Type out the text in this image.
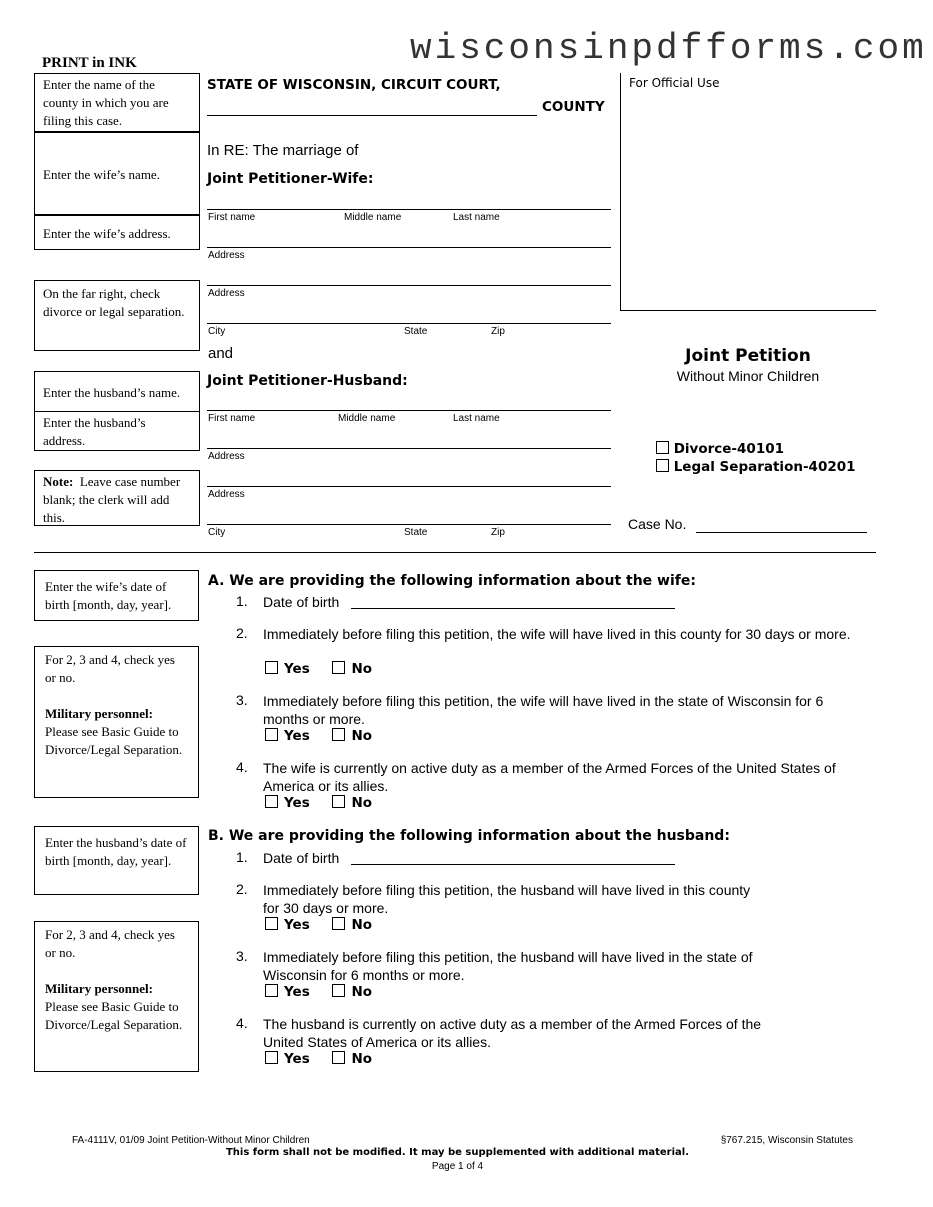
wisconsinpdfforms.com
PRINT in INK
Enter the name of the county in which you are filing this case.
Enter the wife’s name.
Enter the wife’s address.
On the far right, check divorce or legal separation.
Enter the husband’s name.
Enter the husband’s address.
Note: Leave case number blank; the clerk will add this.
Enter the wife’s date of birth [month, day, year].
For 2, 3 and 4, check yes or no.
Military personnel:
Please see Basic Guide to Divorce/Legal Separation.
Enter the husband’s date of birth [month, day, year].
For 2, 3 and 4, check yes or no.
Military personnel:
Please see Basic Guide to Divorce/Legal Separation.
STATE OF WISCONSIN, CIRCUIT COURT,
COUNTY
In RE: The marriage of
Joint Petitioner-Wife:
First name	Middle name	Last name
Address
Address
City	State	Zip
and
Joint Petitioner-Husband:
First name	Middle name	Last name
Address
Address
City	State	Zip
For Official Use
Joint Petition
Without Minor Children
Divorce-40101
Legal Separation-40201
Case No.
A. We are providing the following information about the wife:
1. Date of birth
2. Immediately before filing this petition, the wife will have lived in this county for 30 days or more.
Yes	No
3. Immediately before filing this petition, the wife will have lived in the state of Wisconsin for 6 months or more.
Yes	No
4. The wife is currently on active duty as a member of the Armed Forces of the United States of America or its allies.
Yes	No
B. We are providing the following information about the husband:
1. Date of birth
2. Immediately before filing this petition, the husband will have lived in this county for 30 days or more.
Yes	No
3. Immediately before filing this petition, the husband will have lived in the state of Wisconsin for 6 months or more.
Yes	No
4. The husband is currently on active duty as a member of the Armed Forces of the United States of America or its allies.
Yes	No
FA-4111V, 01/09 Joint Petition-Without Minor Children	§767.215, Wisconsin Statutes
This form shall not be modified. It may be supplemented with additional material.
Page 1 of 4
